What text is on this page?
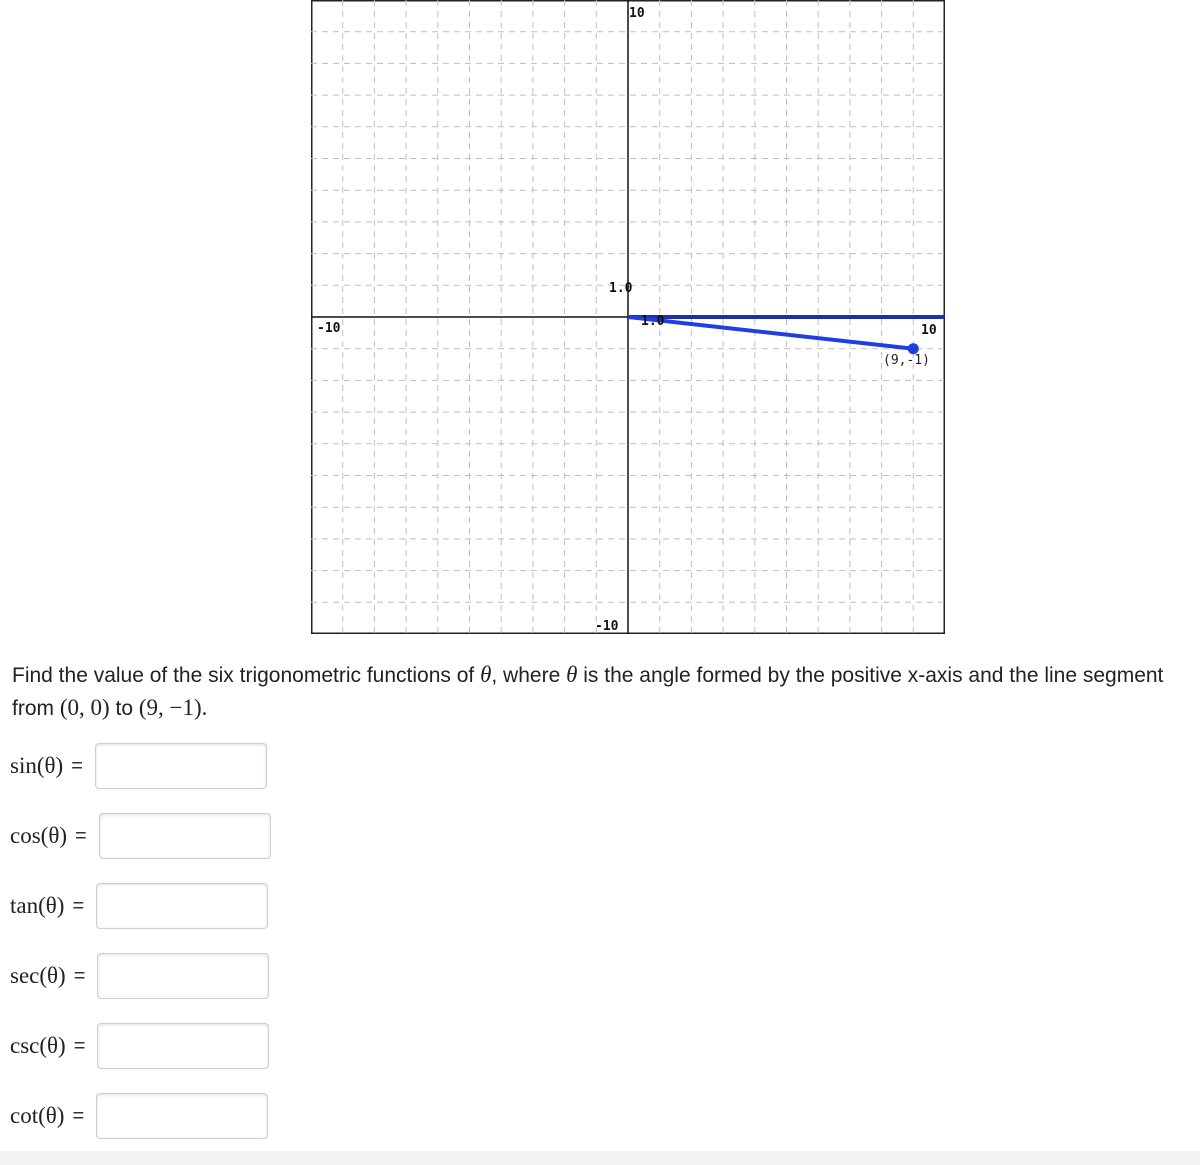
10
-10
-10	10
1.0
1.0
(9,-1)
Find the value of the six trigonometric functions of θ, where θ is the angle formed by the positive x-axis and the line segment from (0, 0) to (9, −1).
sin(θ) =
cos(θ) =
tan(θ) =
sec(θ) =
csc(θ) =
cot(θ) =
